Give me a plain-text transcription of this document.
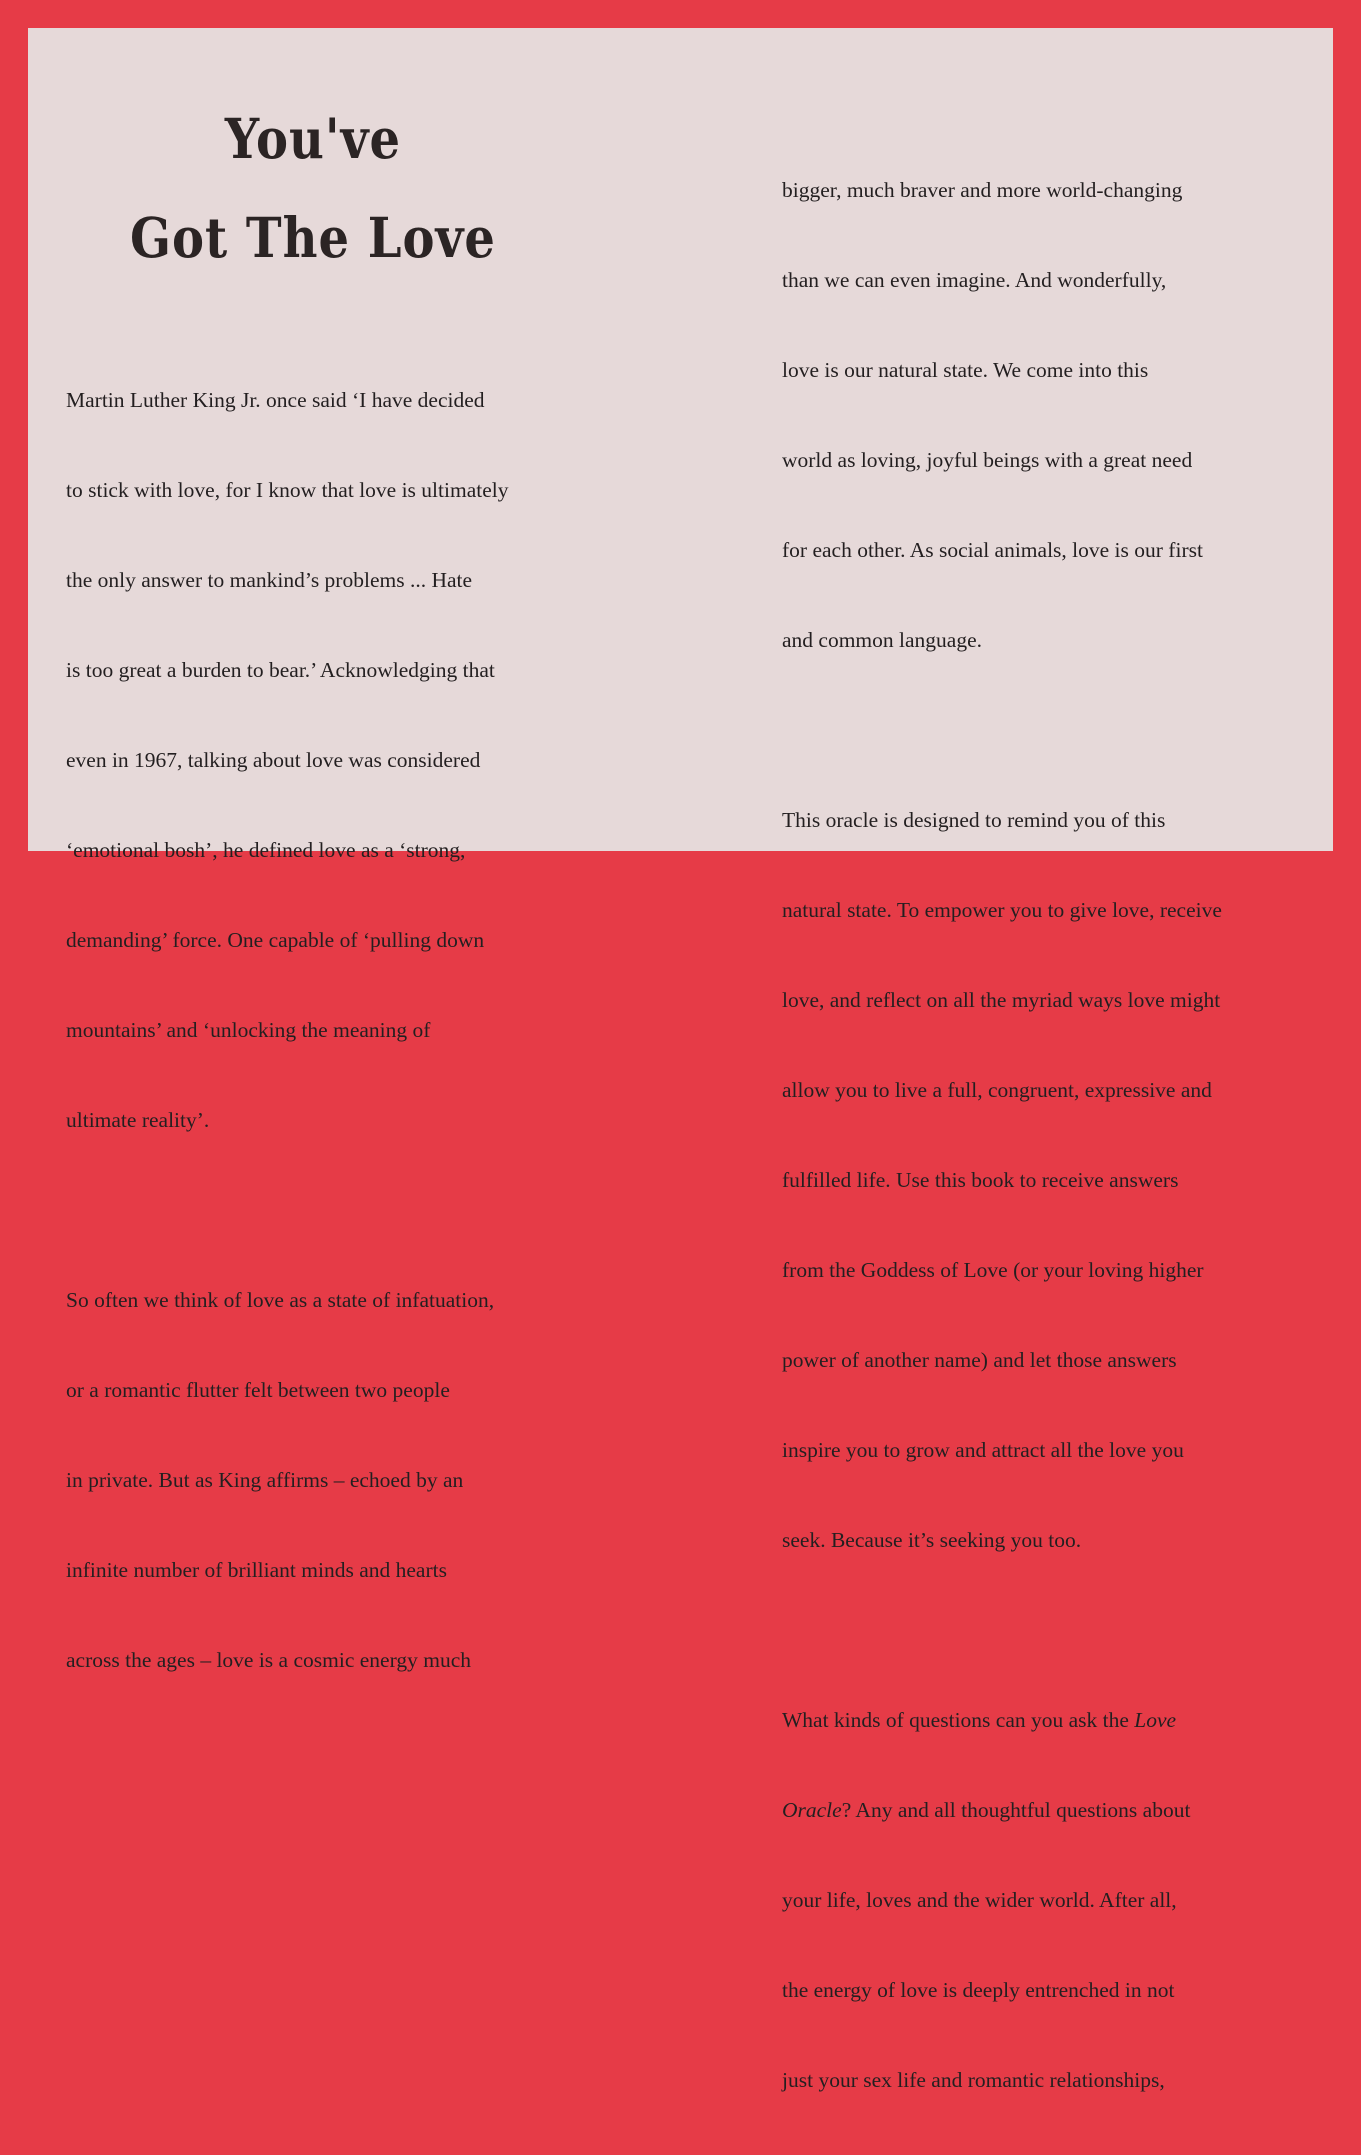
You've
Got The Love

Martin Luther King Jr. once said ‘I have decided

to stick with love, for I know that love is ultimately

the only answer to mankind’s problems ... Hate

is too great a burden to bear.’ Acknowledging that

even in 1967, talking about love was considered

‘emotional bosh’, he defined love as a ‘strong,

demanding’ force. One capable of ‘pulling down

mountains’ and ‘unlocking the meaning of

ultimate reality’.

So often we think of love as a state of infatuation,

or a romantic flutter felt between two people

in private. But as King affirms – echoed by an

infinite number of brilliant minds and hearts

across the ages – love is a cosmic energy much

bigger, much braver and more world-changing

than we can even imagine. And wonderfully,

love is our natural state. We come into this

world as loving, joyful beings with a great need

for each other. As social animals, love is our first

and common language.

This oracle is designed to remind you of this

natural state. To empower you to give love, receive

love, and reflect on all the myriad ways love might

allow you to live a full, congruent, expressive and

fulfilled life. Use this book to receive answers

from the Goddess of Love (or your loving higher

power of another name) and let those answers

inspire you to grow and attract all the love you

seek. Because it’s seeking you too.

What kinds of questions can you ask the Love

Oracle? Any and all thoughtful questions about

your life, loves and the wider world. After all,

the energy of love is deeply entrenched in not

just your sex life and romantic relationships,
